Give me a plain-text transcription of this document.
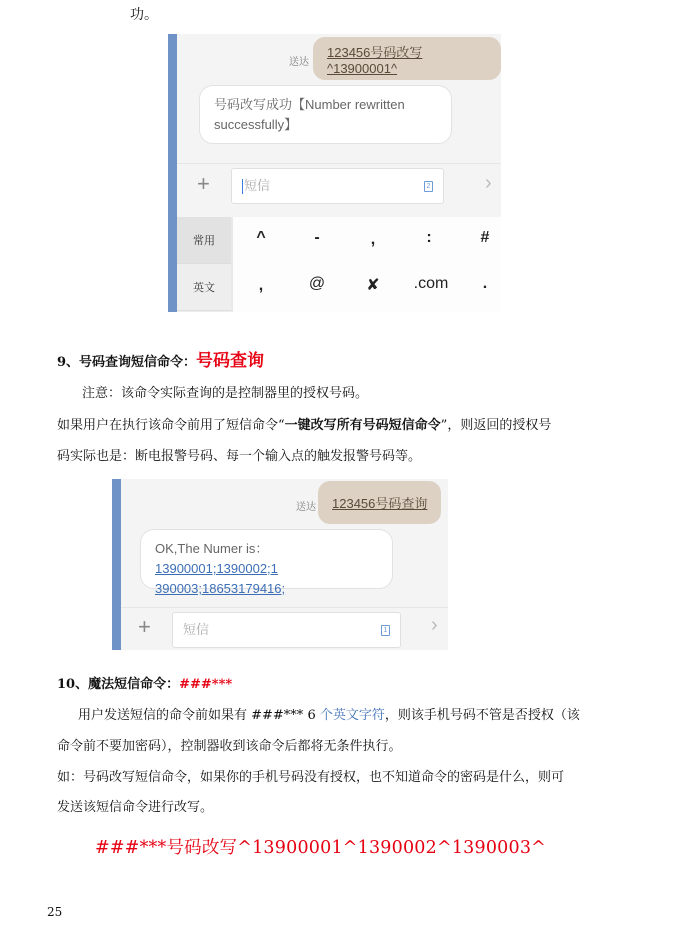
功。
送达
123456号码改写^13900001^
号码改写成功【Number rewritten successfully】
+	短信	2	›
常用
英文
^	-	,	:	#
,	@	✘	.com	.
9、号码查询短信命令：号码查询
注意：该命令实际查询的是控制器里的授权号码。
如果用户在执行该命令前用了短信命令“一键改写所有号码短信命令”，则返回的授权号
码实际也是：断电报警号码、每一个输入点的触发报警号码等。
送达 123456号码查询
OK,The Numer is：13900001;1390002;1
390003;18653179416;
+	短信	1 ›
10、魔法短信命令：###***
用户发送短信的命令前如果有 ###*** 6 个英文字符，则该手机号码不管是否授权（该
命令前不要加密码），控制器收到该命令后都将无条件执行。
如：号码改写短信命令，如果你的手机号码没有授权，也不知道命令的密码是什么，则可
发送该短信命令进行改写。
###***号码改写^13900001^1390002^1390003^
25
